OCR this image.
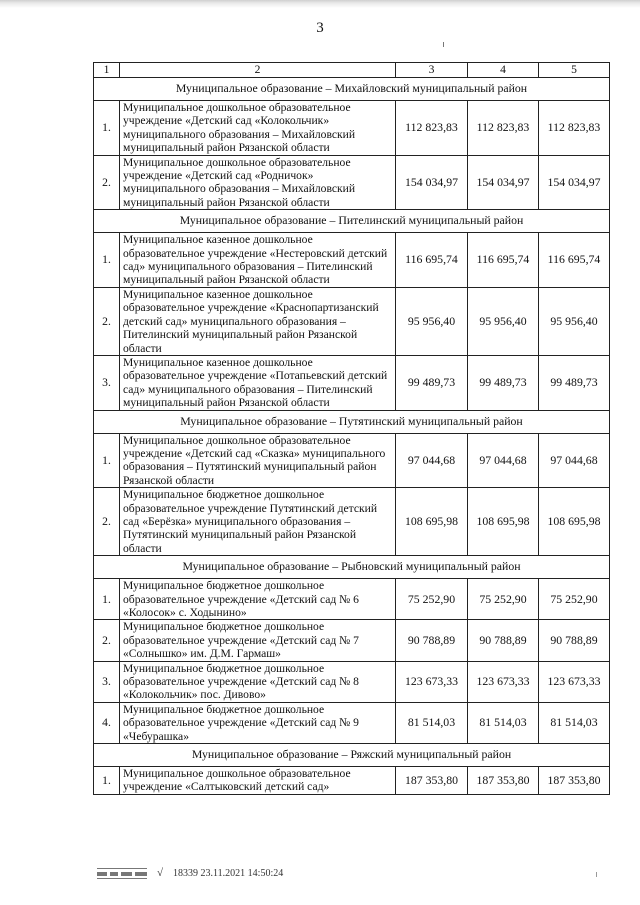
3
1	2	3	4	5
Муниципальное образование – Михайловский муниципальный район				
1.	Муниципальное дошкольное образовательное учреждение «Детский сад «Колокольчик» муниципального образования – Михайловский муниципальный район Рязанской области	112 823,83	112 823,83	112 823,83
2.	Муниципальное дошкольное образовательное учреждение «Детский сад «Родничок» муниципального образования – Михайловский муниципальный район Рязанской области	154 034,97	154 034,97	154 034,97
Муниципальное образование – Пителинский муниципальный район				
1.	Муниципальное казенное дошкольное образовательное учреждение «Нестеровский детский сад» муниципального образования – Пителинский муниципальный район Рязанской области	116 695,74	116 695,74	116 695,74
2.	Муниципальное казенное дошкольное образовательное учреждение «Краснопартизанский детский сад» муниципального образования – Пителинский муниципальный район Рязанской области	95 956,40	95 956,40	95 956,40
3.	Муниципальное казенное дошкольное образовательное учреждение «Потапьевский детский сад» муниципального образования – Пителинский муниципальный район Рязанской области	99 489,73	99 489,73	99 489,73
Муниципальное образование – Путятинский муниципальный район				
1.	Муниципальное дошкольное образовательное учреждение «Детский сад «Сказка» муниципального образования – Путятинский муниципальный район Рязанской области	97 044,68	97 044,68	97 044,68
2.	Муниципальное бюджетное дошкольное образовательное учреждение Путятинский детский сад «Берёзка» муниципального образования – Путятинский муниципальный район Рязанской области	108 695,98	108 695,98	108 695,98
Муниципальное образование – Рыбновский муниципальный район				
1.	Муниципальное бюджетное дошкольное образовательное учреждение «Детский сад № 6 «Колосок» с. Ходынино»	75 252,90	75 252,90	75 252,90
2.	Муниципальное бюджетное дошкольное образовательное учреждение «Детский сад № 7 «Солнышко» им. Д.М. Гармаш»	90 788,89	90 788,89	90 788,89
3.	Муниципальное бюджетное дошкольное образовательное учреждение «Детский сад № 8 «Колокольчик» пос. Дивово»	123 673,33	123 673,33	123 673,33
4.	Муниципальное бюджетное дошкольное образовательное учреждение «Детский сад № 9 «Чебурашка»	81 514,03	81 514,03	81 514,03
Муниципальное образование – Ряжский муниципальный район				
1.	Муниципальное дошкольное образовательное учреждение «Салтыковский детский сад»	187 353,80	187 353,80	187 353,80
√ 18339 23.11.2021 14:50:24
